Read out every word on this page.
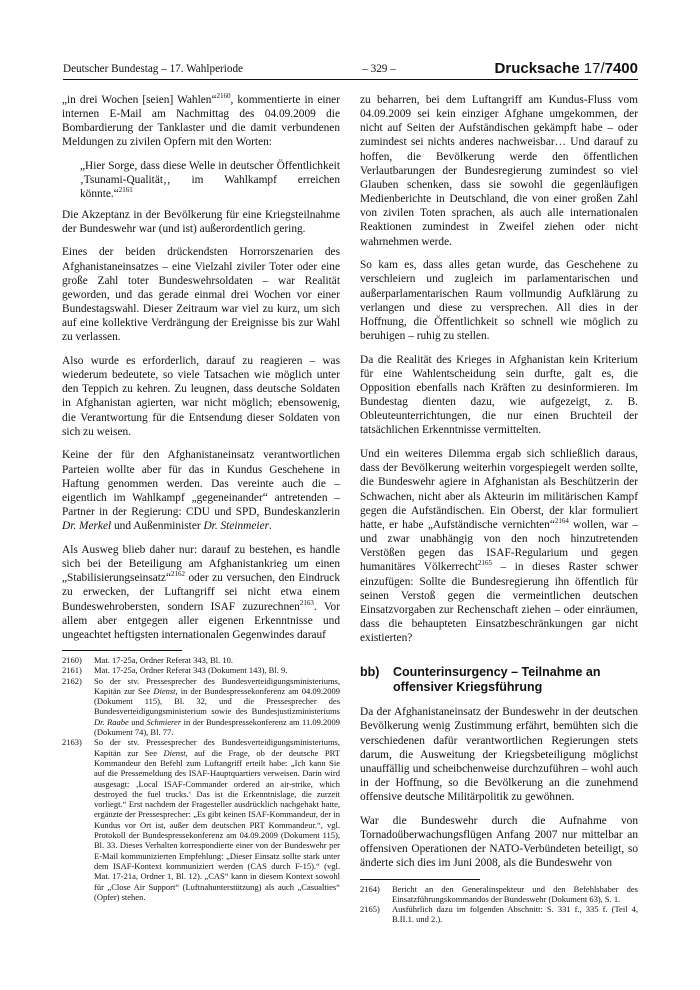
Deutscher Bundestag – 17. Wahlperiode	– 329 –	Drucksache 17/7400

„in drei Wochen [seien] Wahlen“$^{2160}$, kommentierte in einer internen E-Mail am Nachmittag des 04.09.2009 die Bombardierung der Tanklaster und die damit verbundenen Meldungen zu zivilen Opfern mit den Worten:

„Hier Sorge, dass diese Welle in deutscher Öffentlichkeit ‚Tsunami-Qualität‚‚ im Wahlkampf erreichen könnte.“$^{2161}$

Die Akzeptanz in der Bevölkerung für eine Kriegsteilnahme der Bundeswehr war (und ist) außerordentlich gering.

Eines der beiden drückendsten Horrorszenarien des Afghanistaneinsatzes – eine Vielzahl ziviler Toter oder eine große Zahl toter Bundeswehrsoldaten – war Realität geworden, und das gerade einmal drei Wochen vor einer Bundestagswahl. Dieser Zeitraum war viel zu kurz, um sich auf eine kollektive Verdrängung der Ereignisse bis zur Wahl zu verlassen.

Also wurde es erforderlich, darauf zu reagieren – was wiederum bedeutete, so viele Tatsachen wie möglich unter den Teppich zu kehren. Zu leugnen, dass deutsche Soldaten in Afghanistan agierten, war nicht möglich; ebensowenig, die Verantwortung für die Entsendung dieser Soldaten von sich zu weisen.

Keine der für den Afghanistaneinsatz verantwortlichen Parteien wollte aber für das in Kundus Geschehene in Haftung genommen werden. Das vereinte auch die – eigentlich im Wahlkampf „gegeneinander“ antretenden – Partner in der Regierung: CDU und SPD, Bundeskanzlerin Dr. Merkel und Außenminister Dr. Steinmeier.

Als Ausweg blieb daher nur: darauf zu bestehen, es handle sich bei der Beteiligung am Afghanistankrieg um einen „Stabilisierungseinsatz“$^{2162}$ oder zu versuchen, den Eindruck zu erwecken, der Luftangriff sei nicht etwa einem Bundeswehrobersten, sondern ISAF zuzurechnen$^{2163}$. Vor allem aber entgegen aller eigenen Erkenntnisse und ungeachtet heftigsten internationalen Gegenwindes darauf

2160)	Mat. 17-25a, Ordner Referat 343, Bl. 10.
2161)	Mat. 17-25a, Ordner Referat 343 (Dokument 143), Bl. 9.
2162)	So der stv. Pressesprecher des Bundesverteidigungsministeriums, Kapitän zur See Dienst, in der Bundespressekonferenz am 04.09.2009 (Dokument 115), Bl. 32, und die Pressesprecher des Bundesverteidigungsministerium sowie des Bundesjustizministeriums Dr. Raabe und Schmierer in der Bundespressekonferenz am 11.09.2009 (Dokument 74), Bl. 77.
2163)	So der stv. Pressesprecher des Bundesverteidigungsministeriums, Kapitän zur See Dienst, auf die Frage, ob der deutsche PRT Kommandeur den Befehl zum Luftangriff erteilt habe: „Ich kann Sie auf die Pressemeldung des ISAF-Hauptquartiers verweisen. Darin wird ausgesagt: ‚Local ISAF-Commander ordered an air-strike, which destroyed the fuel trucks.‘ Das ist die Erkenntnislage, die zurzeit vorliegt.“ Erst nachdem der Fragesteller ausdrücklich nachgehakt hatte, ergänzte der Pressesprecher: „Es gibt keinen ISAF-Kommandeur, der in Kundus vor Ort ist, außer dem deutschen PRT Kommandeur.“, vgl. Protokoll der Bundespressekonferenz am 04.09.2009 (Dokument 115), Bl. 33. Dieses Verhalten korrespondierte einer von der Bundeswehr per E-Mail kommunizierten Empfehlung: „Dieser Einsatz sollte stark unter dem ISAF-Kontext kommuniziert werden (CAS durch F-15).“ (vgl. Mat. 17-21a, Ordner 1, Bl. 12). „CAS“ kann in diesem Kontext sowohl für „Close Air Support“ (Luftnahunterstützung) als auch „Casualties“ (Opfer) stehen.

zu beharren, bei dem Luftangriff am Kundus-Fluss vom 04.09.2009 sei kein einziger Afghane umgekommen, der nicht auf Seiten der Aufständischen gekämpft habe – oder zumindest sei nichts anderes nachweisbar… Und darauf zu hoffen, die Bevölkerung werde den öffentlichen Verlautbarungen der Bundesregierung zumindest so viel Glauben schenken, dass sie sowohl die gegenläufigen Medienberichte in Deutschland, die von einer großen Zahl von zivilen Toten sprachen, als auch alle internationalen Reaktionen zumindest in Zweifel ziehen oder nicht wahrnehmen werde.

So kam es, dass alles getan wurde, das Geschehene zu verschleiern und zugleich im parlamentarischen und außerparlamentarischen Raum vollmundig Aufklärung zu verlangen und diese zu versprechen. All dies in der Hoffnung, die Öffentlichkeit so schnell wie möglich zu beruhigen – ruhig zu stellen.

Da die Realität des Krieges in Afghanistan kein Kriterium für eine Wahlentscheidung sein durfte, galt es, die Opposition ebenfalls nach Kräften zu desinformieren. Im Bundestag dienten dazu, wie aufgezeigt, z. B. Obleuteunterrichtungen, die nur einen Bruchteil der tatsächlichen Erkenntnisse vermittelten.

Und ein weiteres Dilemma ergab sich schließlich daraus, dass der Bevölkerung weiterhin vorgespiegelt werden sollte, die Bundeswehr agiere in Afghanistan als Beschützerin der Schwachen, nicht aber als Akteurin im militärischen Kampf gegen die Aufständischen. Ein Oberst, der klar formuliert hatte, er habe „Aufständische vernichten“$^{2164}$ wollen, war – und zwar unabhängig von den noch hinzutretenden Verstößen gegen das ISAF-Regularium und gegen humanitäres Völkerrecht$^{2165}$ – in dieses Raster schwer einzufügen: Sollte die Bundesregierung ihn öffentlich für seinen Verstoß gegen die vermeintlichen deutschen Einsatzvorgaben zur Rechenschaft ziehen – oder einräumen, dass die behaupteten Einsatzbeschränkungen gar nicht existierten?

bb)	Counterinsurgency – Teilnahme an offensiver Kriegsführung

Da der Afghanistaneinsatz der Bundeswehr in der deutschen Bevölkerung wenig Zustimmung erfährt, bemühten sich die verschiedenen dafür verantwortlichen Regierungen stets darum, die Ausweitung der Kriegsbeteiligung möglichst unauffällig und scheibchenweise durchzuführen – wohl auch in der Hoffnung, so die Bevölkerung an die zunehmend offensive deutsche Militärpolitik zu gewöhnen.

War die Bundeswehr durch die Aufnahme von Tornadoüberwachungsflügen Anfang 2007 nur mittelbar an offensiven Operationen der NATO-Verbündeten beteiligt, so änderte sich dies im Juni 2008, als die Bundeswehr von

2164)	Bericht an den Generalinspekteur und den Befehlshaber des Einsatzführungskommandos der Bundeswehr (Dokument 63), S. 1.
2165)	Ausführlich dazu im folgenden Abschnitt: S. 331 f., 335 f. (Teil 4, B.II.1. und 2.).
